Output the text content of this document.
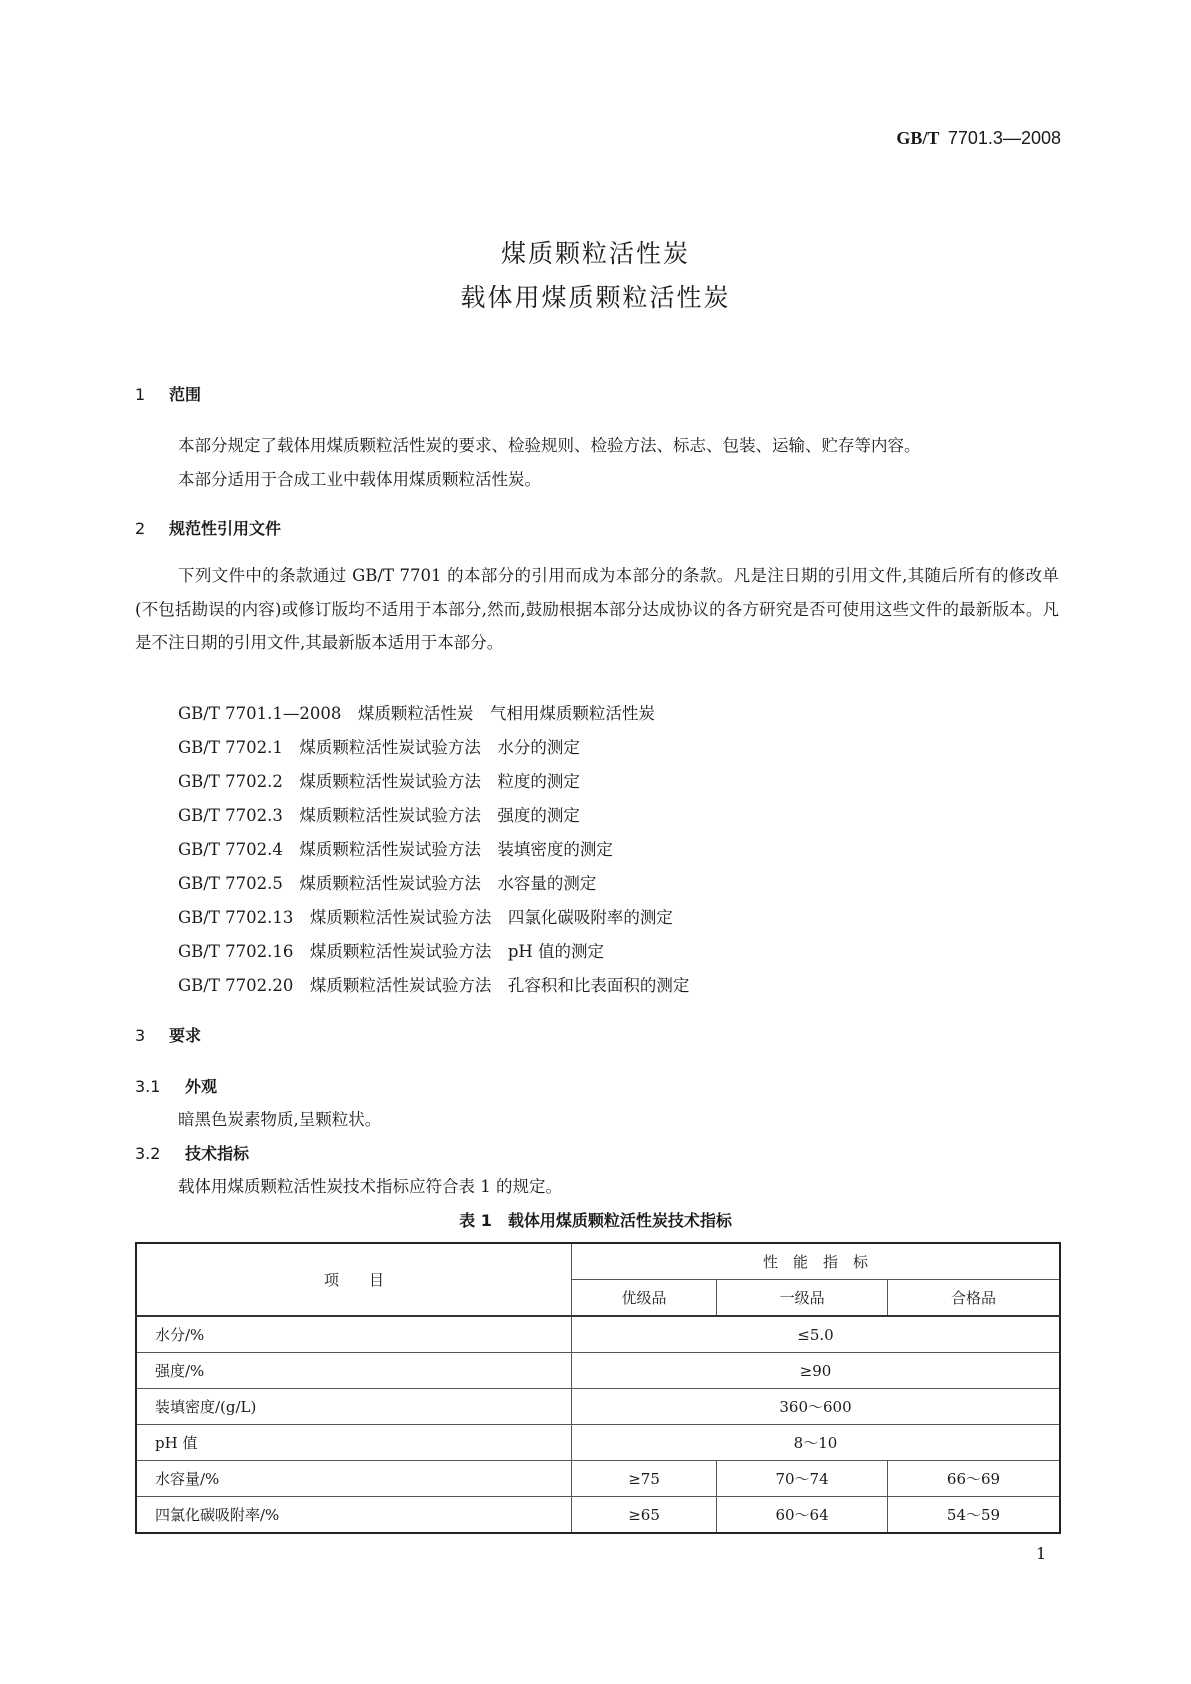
GB/T 7701.3—2008
煤质颗粒活性炭
载体用煤质颗粒活性炭
1 范围
本部分规定了载体用煤质颗粒活性炭的要求、检验规则、检验方法、标志、包装、运输、贮存等内容。
本部分适用于合成工业中载体用煤质颗粒活性炭。
2 规范性引用文件
下列文件中的条款通过 GB/T 7701 的本部分的引用而成为本部分的条款。凡是注日期的引用文件,其随后所有的修改单(不包括勘误的内容)或修订版均不适用于本部分,然而,鼓励根据本部分达成协议的各方研究是否可使用这些文件的最新版本。凡是不注日期的引用文件,其最新版本适用于本部分。
GB/T 7701.1—2008　煤质颗粒活性炭　气相用煤质颗粒活性炭
GB/T 7702.1　煤质颗粒活性炭试验方法　水分的测定
GB/T 7702.2　煤质颗粒活性炭试验方法　粒度的测定
GB/T 7702.3　煤质颗粒活性炭试验方法　强度的测定
GB/T 7702.4　煤质颗粒活性炭试验方法　装填密度的测定
GB/T 7702.5　煤质颗粒活性炭试验方法　水容量的测定
GB/T 7702.13　煤质颗粒活性炭试验方法　四氯化碳吸附率的测定
GB/T 7702.16　煤质颗粒活性炭试验方法　pH 值的测定
GB/T 7702.20　煤质颗粒活性炭试验方法　孔容积和比表面积的测定
3 要求
3.1 外观
暗黑色炭素物质,呈颗粒状。
3.2 技术指标
载体用煤质颗粒活性炭技术指标应符合表 1 的规定。
表 1　载体用煤质颗粒活性炭技术指标
项　　目	性　能　指　标		
	优级品	一级品	合格品
水分/%	≤5.0		
强度/%	≥90		
装填密度/(g/L)	360～600		
pH 值	8～10		
水容量/%	≥75	70～74	66～69
四氯化碳吸附率/%	≥65	60～64	54～59
1
